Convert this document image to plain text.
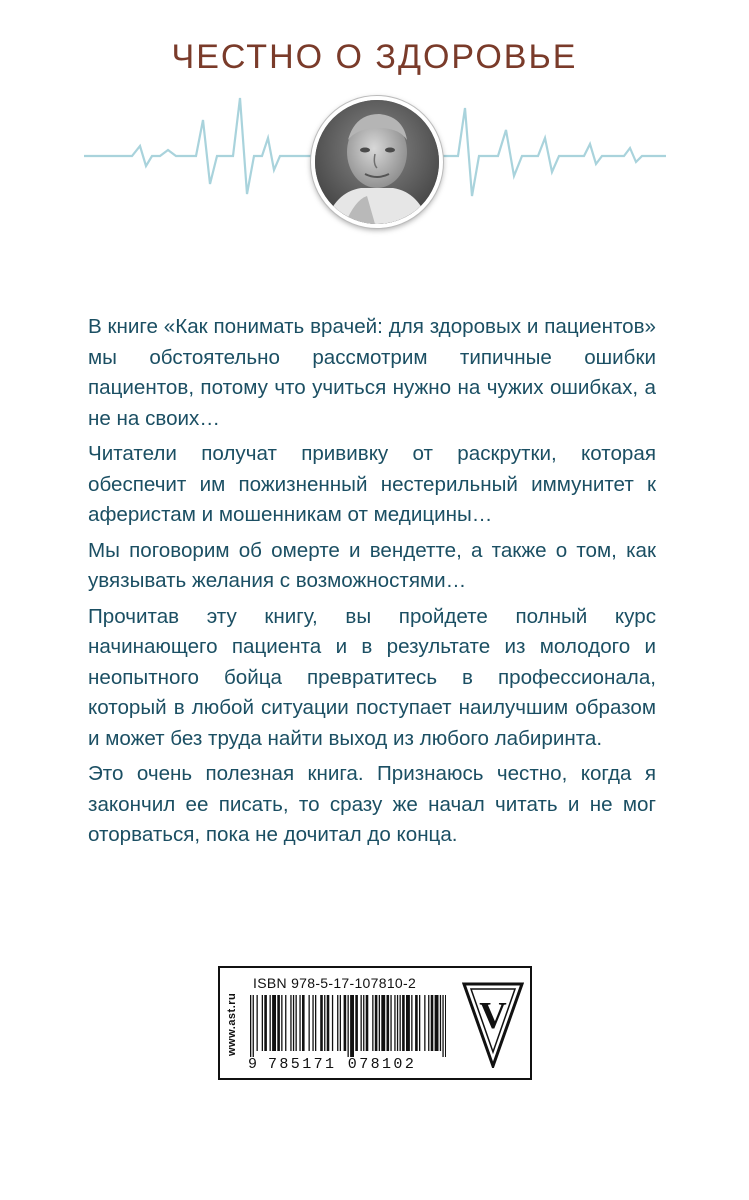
ЧЕСТНО О ЗДОРОВЬЕ

В книге «Как понимать врачей: для здоровых и пациентов» мы обстоятельно рассмотрим типичные ошибки пациентов, потому что учиться нужно на чужих ошибках, а не на своих…

Читатели получат прививку от раскрутки, которая обеспечит им пожизненный нестерильный иммунитет к аферистам и мошенникам от медицины…

Мы поговорим об омерте и вендетте, а также о том, как увязывать желания с возможностями…

Прочитав эту книгу, вы пройдете полный курс начинающего пациента и в результате из молодого и неопытного бойца превратитесь в профессионала, который в любой ситуации поступает наилучшим образом и может без труда найти выход из любого лабиринта.

Это очень полезная книга. Признаюсь честно, когда я закончил ее писать, то сразу же начал читать и не мог оторваться, пока не дочитал до конца.

www.ast.ru
ISBN 978-5-17-107810-2
9 785171 078102
V
